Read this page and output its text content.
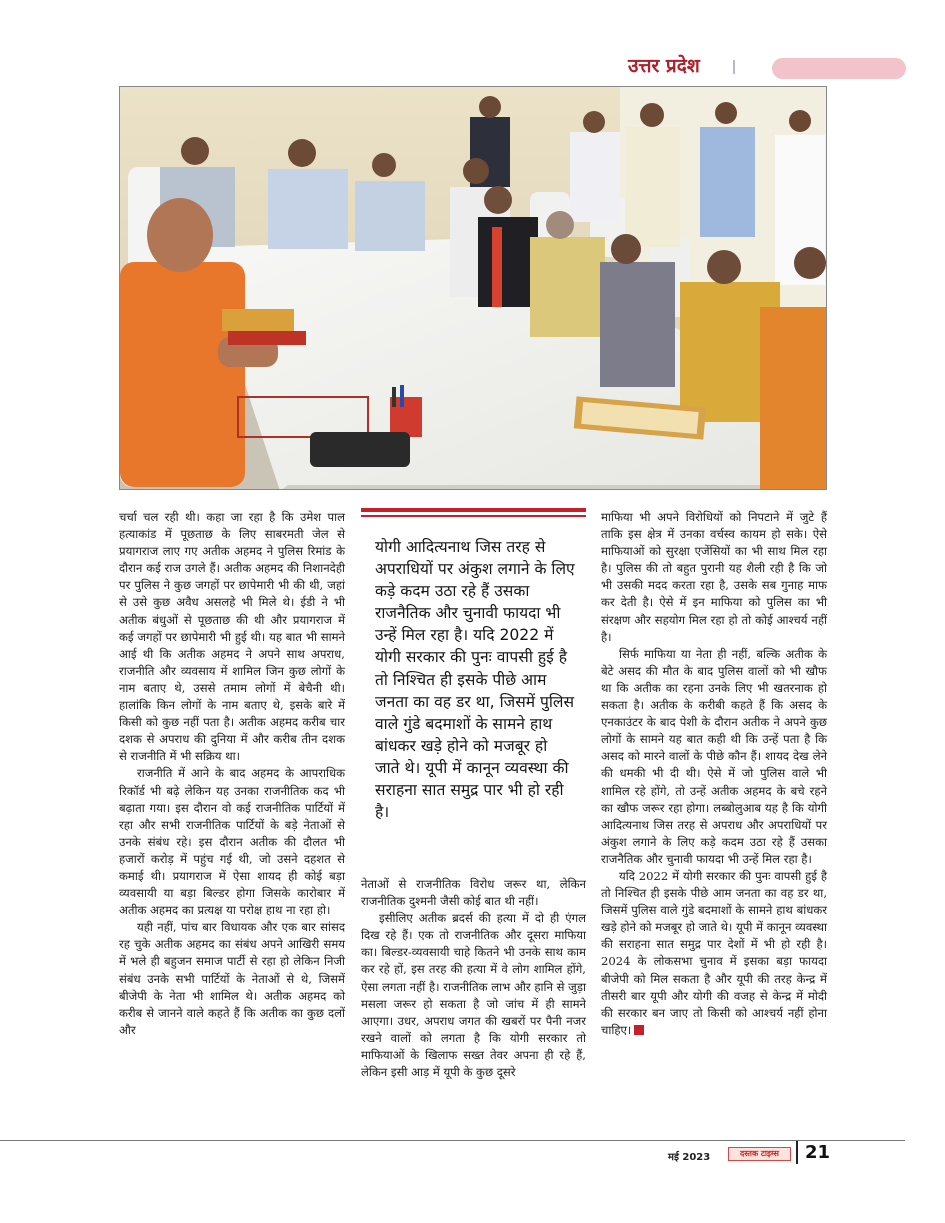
उत्तर प्रदेश

चर्चा चल रही थी। कहा जा रहा है कि उमेश पाल हत्याकांड में पूछताछ के लिए साबरमती जेल से प्रयागराज लाए गए अतीक अहमद ने पुलिस रिमांड के दौरान कई राज उगले हैं। अतीक अहमद की निशानदेही पर पुलिस ने कुछ जगहों पर छापेमारी भी की थी, जहां से उसे कुछ अवैध असलहे भी मिले थे। ईडी ने भी अतीक बंधुओं से पूछताछ की थी और प्रयागराज में कई जगहों पर छापेमारी भी हुई थी। यह बात भी सामने आई थी कि अतीक अहमद ने अपने साथ अपराध, राजनीति और व्यवसाय में शामिल जिन कुछ लोगों के नाम बताए थे, उससे तमाम लोगों में बेचैनी थी। हालांकि किन लोगों के नाम बताए थे, इसके बारे में किसी को कुछ नहीं पता है। अतीक अहमद करीब चार दशक से अपराध की दुनिया में और करीब तीन दशक से राजनीति में भी सक्रिय था।

राजनीति में आने के बाद अहमद के आपराधिक रिकॉर्ड भी बढ़े लेकिन यह उनका राजनीतिक कद भी बढ़ाता गया। इस दौरान वो कई राजनीतिक पार्टियों में रहा और सभी राजनीतिक पार्टियों के बड़े नेताओं से उनके संबंध रहे। इस दौरान अतीक की दौलत भी हजारों करोड़ में पहुंच गई थी, जो उसने दहशत से कमाई थी। प्रयागराज में ऐसा शायद ही कोई बड़ा व्यवसायी या बड़ा बिल्डर होगा जिसके कारोबार में अतीक अहमद का प्रत्यक्ष या परोक्ष हाथ ना रहा हो।

यही नहीं, पांच बार विधायक और एक बार सांसद रह चुके अतीक अहमद का संबंध अपने आखिरी समय में भले ही बहुजन समाज पार्टी से रहा हो लेकिन निजी संबंध उनके सभी पार्टियों के नेताओं से थे, जिसमें बीजेपी के नेता भी शामिल थे। अतीक अहमद को करीब से जानने वाले कहते हैं कि अतीक का कुछ दलों और

योगी आदित्यनाथ जिस तरह से अपराधियों पर अंकुश लगाने के लिए कड़े कदम उठा रहे हैं उसका राजनैतिक और चुनावी फायदा भी उन्हें मिल रहा है। यदि 2022 में योगी सरकार की पुनः वापसी हुई है तो निश्चित ही इसके पीछे आम जनता का वह डर था, जिसमें पुलिस वाले गुंडे बदमाशों के सामने हाथ बांधकर खड़े होने को मजबूर हो जाते थे। यूपी में कानून व्यवस्था की सराहना सात समुद्र पार भी हो रही है।

नेताओं से राजनीतिक विरोध जरूर था, लेकिन राजनीतिक दुश्मनी जैसी कोई बात थी नहीं।

इसीलिए अतीक ब्रदर्स की हत्या में दो ही एंगल दिख रहे हैं। एक तो राजनीतिक और दूसरा माफिया का। बिल्डर-व्यवसायी चाहे कितने भी उनके साथ काम कर रहे हों, इस तरह की हत्या में वे लोग शामिल होंगे, ऐसा लगता नहीं है। राजनीतिक लाभ और हानि से जुड़ा मसला जरूर हो सकता है जो जांच में ही सामने आएगा। उधर, अपराध जगत की खबरों पर पैनी नजर रखने वालों को लगता है कि योगी सरकार तो माफियाओं के खिलाफ सख्त तेवर अपना ही रहे हैं, लेकिन इसी आड़ में यूपी के कुछ दूसरे

माफिया भी अपने विरोधियों को निपटाने में जुटे हैं ताकि इस क्षेत्र में उनका वर्चस्व कायम हो सके। ऐसे माफियाओं को सुरक्षा एजेंसियों का भी साथ मिल रहा है। पुलिस की तो बहुत पुरानी यह शैली रही है कि जो भी उसकी मदद करता रहा है, उसके सब गुनाह माफ कर देती है। ऐसे में इन माफिया को पुलिस का भी संरक्षण और सहयोग मिल रहा हो तो कोई आश्चर्य नहीं है।

सिर्फ माफिया या नेता ही नहीं, बल्कि अतीक के बेटे असद की मौत के बाद पुलिस वालों को भी खौफ था कि अतीक का रहना उनके लिए भी खतरनाक हो सकता है। अतीक के करीबी कहते हैं कि असद के एनकाउंटर के बाद पेशी के दौरान अतीक ने अपने कुछ लोगों के सामने यह बात कही थी कि उन्हें पता है कि असद को मारने वालों के पीछे कौन हैं। शायद देख लेने की धमकी भी दी थी। ऐसे में जो पुलिस वाले भी शामिल रहे होंगे, तो उन्हें अतीक अहमद के बचे रहने का खौफ जरूर रहा होगा। लब्बोलुआब यह है कि योगी आदित्यनाथ जिस तरह से अपराध और अपराधियों पर अंकुश लगाने के लिए कड़े कदम उठा रहे हैं उसका राजनैतिक और चुनावी फायदा भी उन्हें मिल रहा है।

यदि 2022 में योगी सरकार की पुनः वापसी हुई है तो निश्चित ही इसके पीछे आम जनता का वह डर था, जिसमें पुलिस वाले गुंडे बदमाशों के सामने हाथ बांधकर खड़े होने को मजबूर हो जाते थे। यूपी में कानून व्यवस्था की सराहना सात समुद्र पार देशों में भी हो रही है। 2024 के लोकसभा चुनाव में इसका बड़ा फायदा बीजेपी को मिल सकता है और यूपी की तरह केन्द्र में तीसरी बार यूपी और योगी की वजह से केन्द्र में मोदी की सरकार बन जाए तो किसी को आश्चर्य नहीं होना चाहिए।

मई 2023	दस्तक टाइम्स	21
